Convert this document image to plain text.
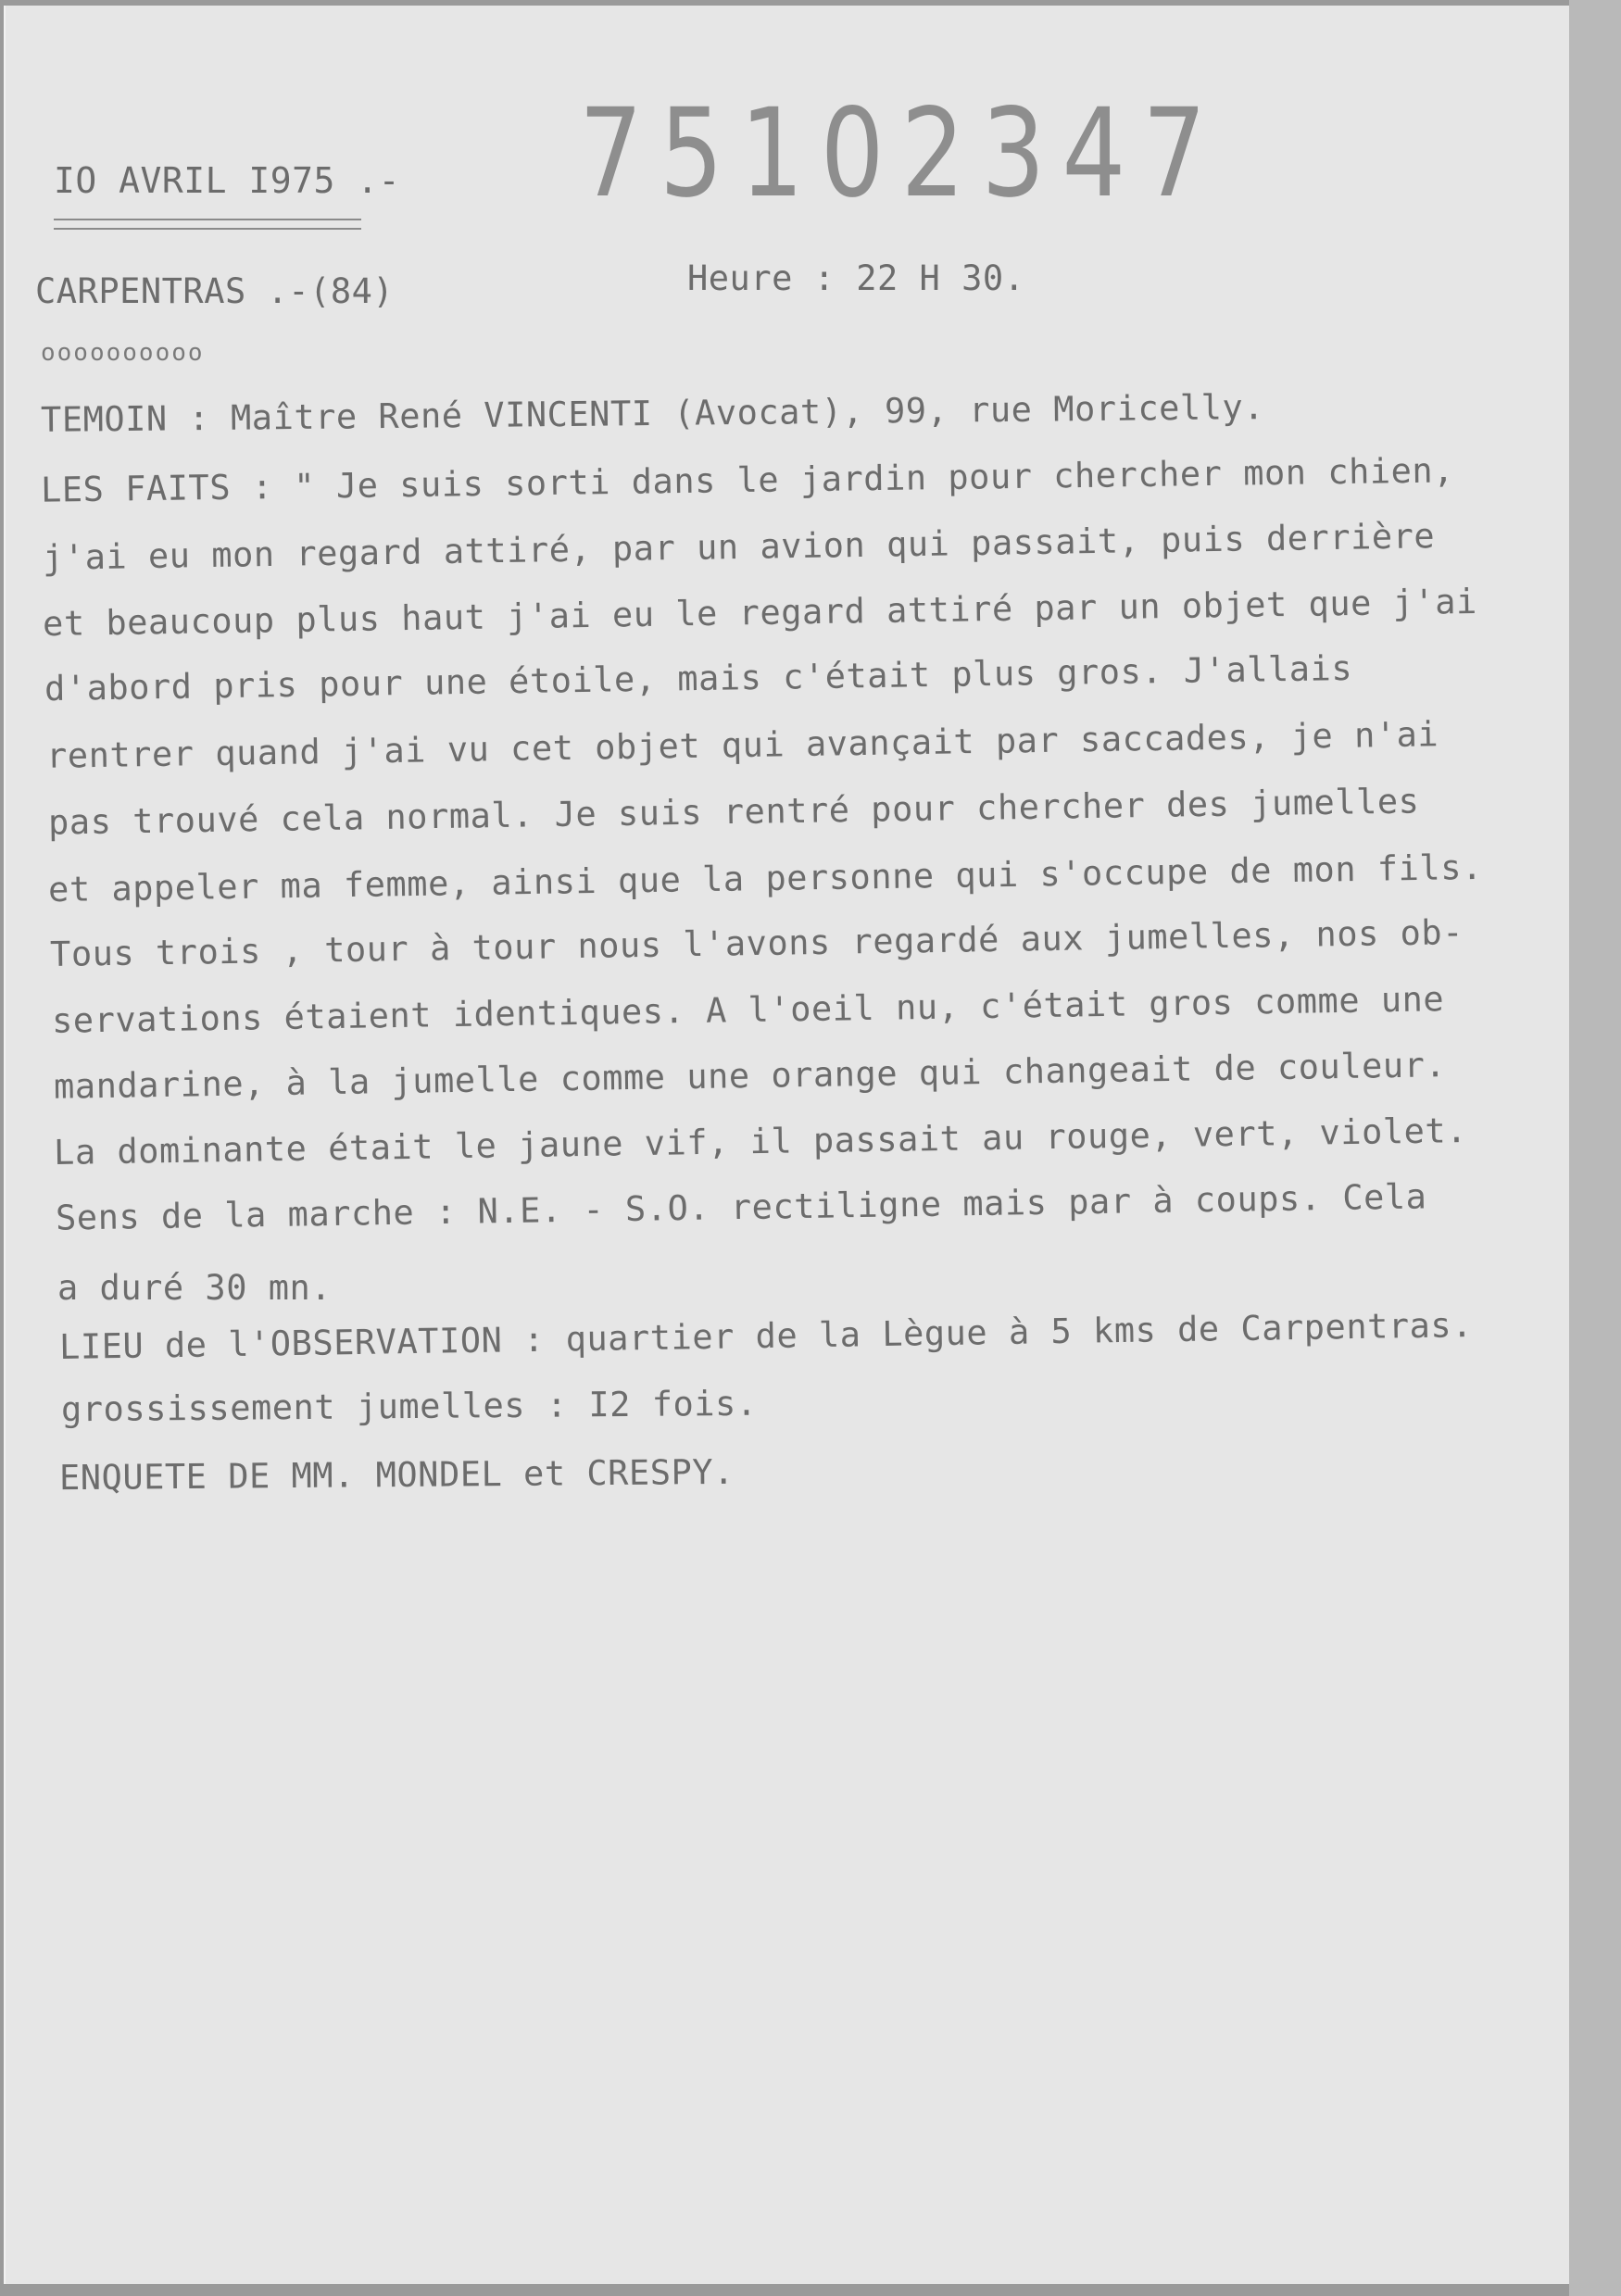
IO AVRIL I975 .- 75102347
CARPENTRAS .-(84)	Heure : 22 H 30.
oooooooooo
TEMOIN : Maître René VINCENTI (Avocat), 99, rue Moricelly.
LES FAITS : " Je suis sorti dans le jardin pour chercher mon chien,
j'ai eu mon regard attiré, par un avion qui passait, puis derrière
et beaucoup plus haut j'ai eu le regard attiré par un objet que j'ai
d'abord pris pour une étoile, mais c'était plus gros. J'allais
rentrer quand j'ai vu cet objet qui avançait par saccades, je n'ai
pas trouvé cela normal. Je suis rentré pour chercher des jumelles
et appeler ma femme, ainsi que la personne qui s'occupe de mon fils.
Tous trois , tour à tour nous l'avons regardé aux jumelles, nos ob-
servations étaient identiques. A l'oeil nu, c'était gros comme une
mandarine, à la jumelle comme une orange qui changeait de couleur.
La dominante était le jaune vif, il passait au rouge, vert, violet.
Sens de la marche : N.E. - S.O. rectiligne mais par à coups. Cela
a duré 30 mn.
LIEU de l'OBSERVATION : quartier de la Lègue à 5 kms de Carpentras.
grossissement jumelles : I2 fois.
ENQUETE DE MM. MONDEL et CRESPY.
